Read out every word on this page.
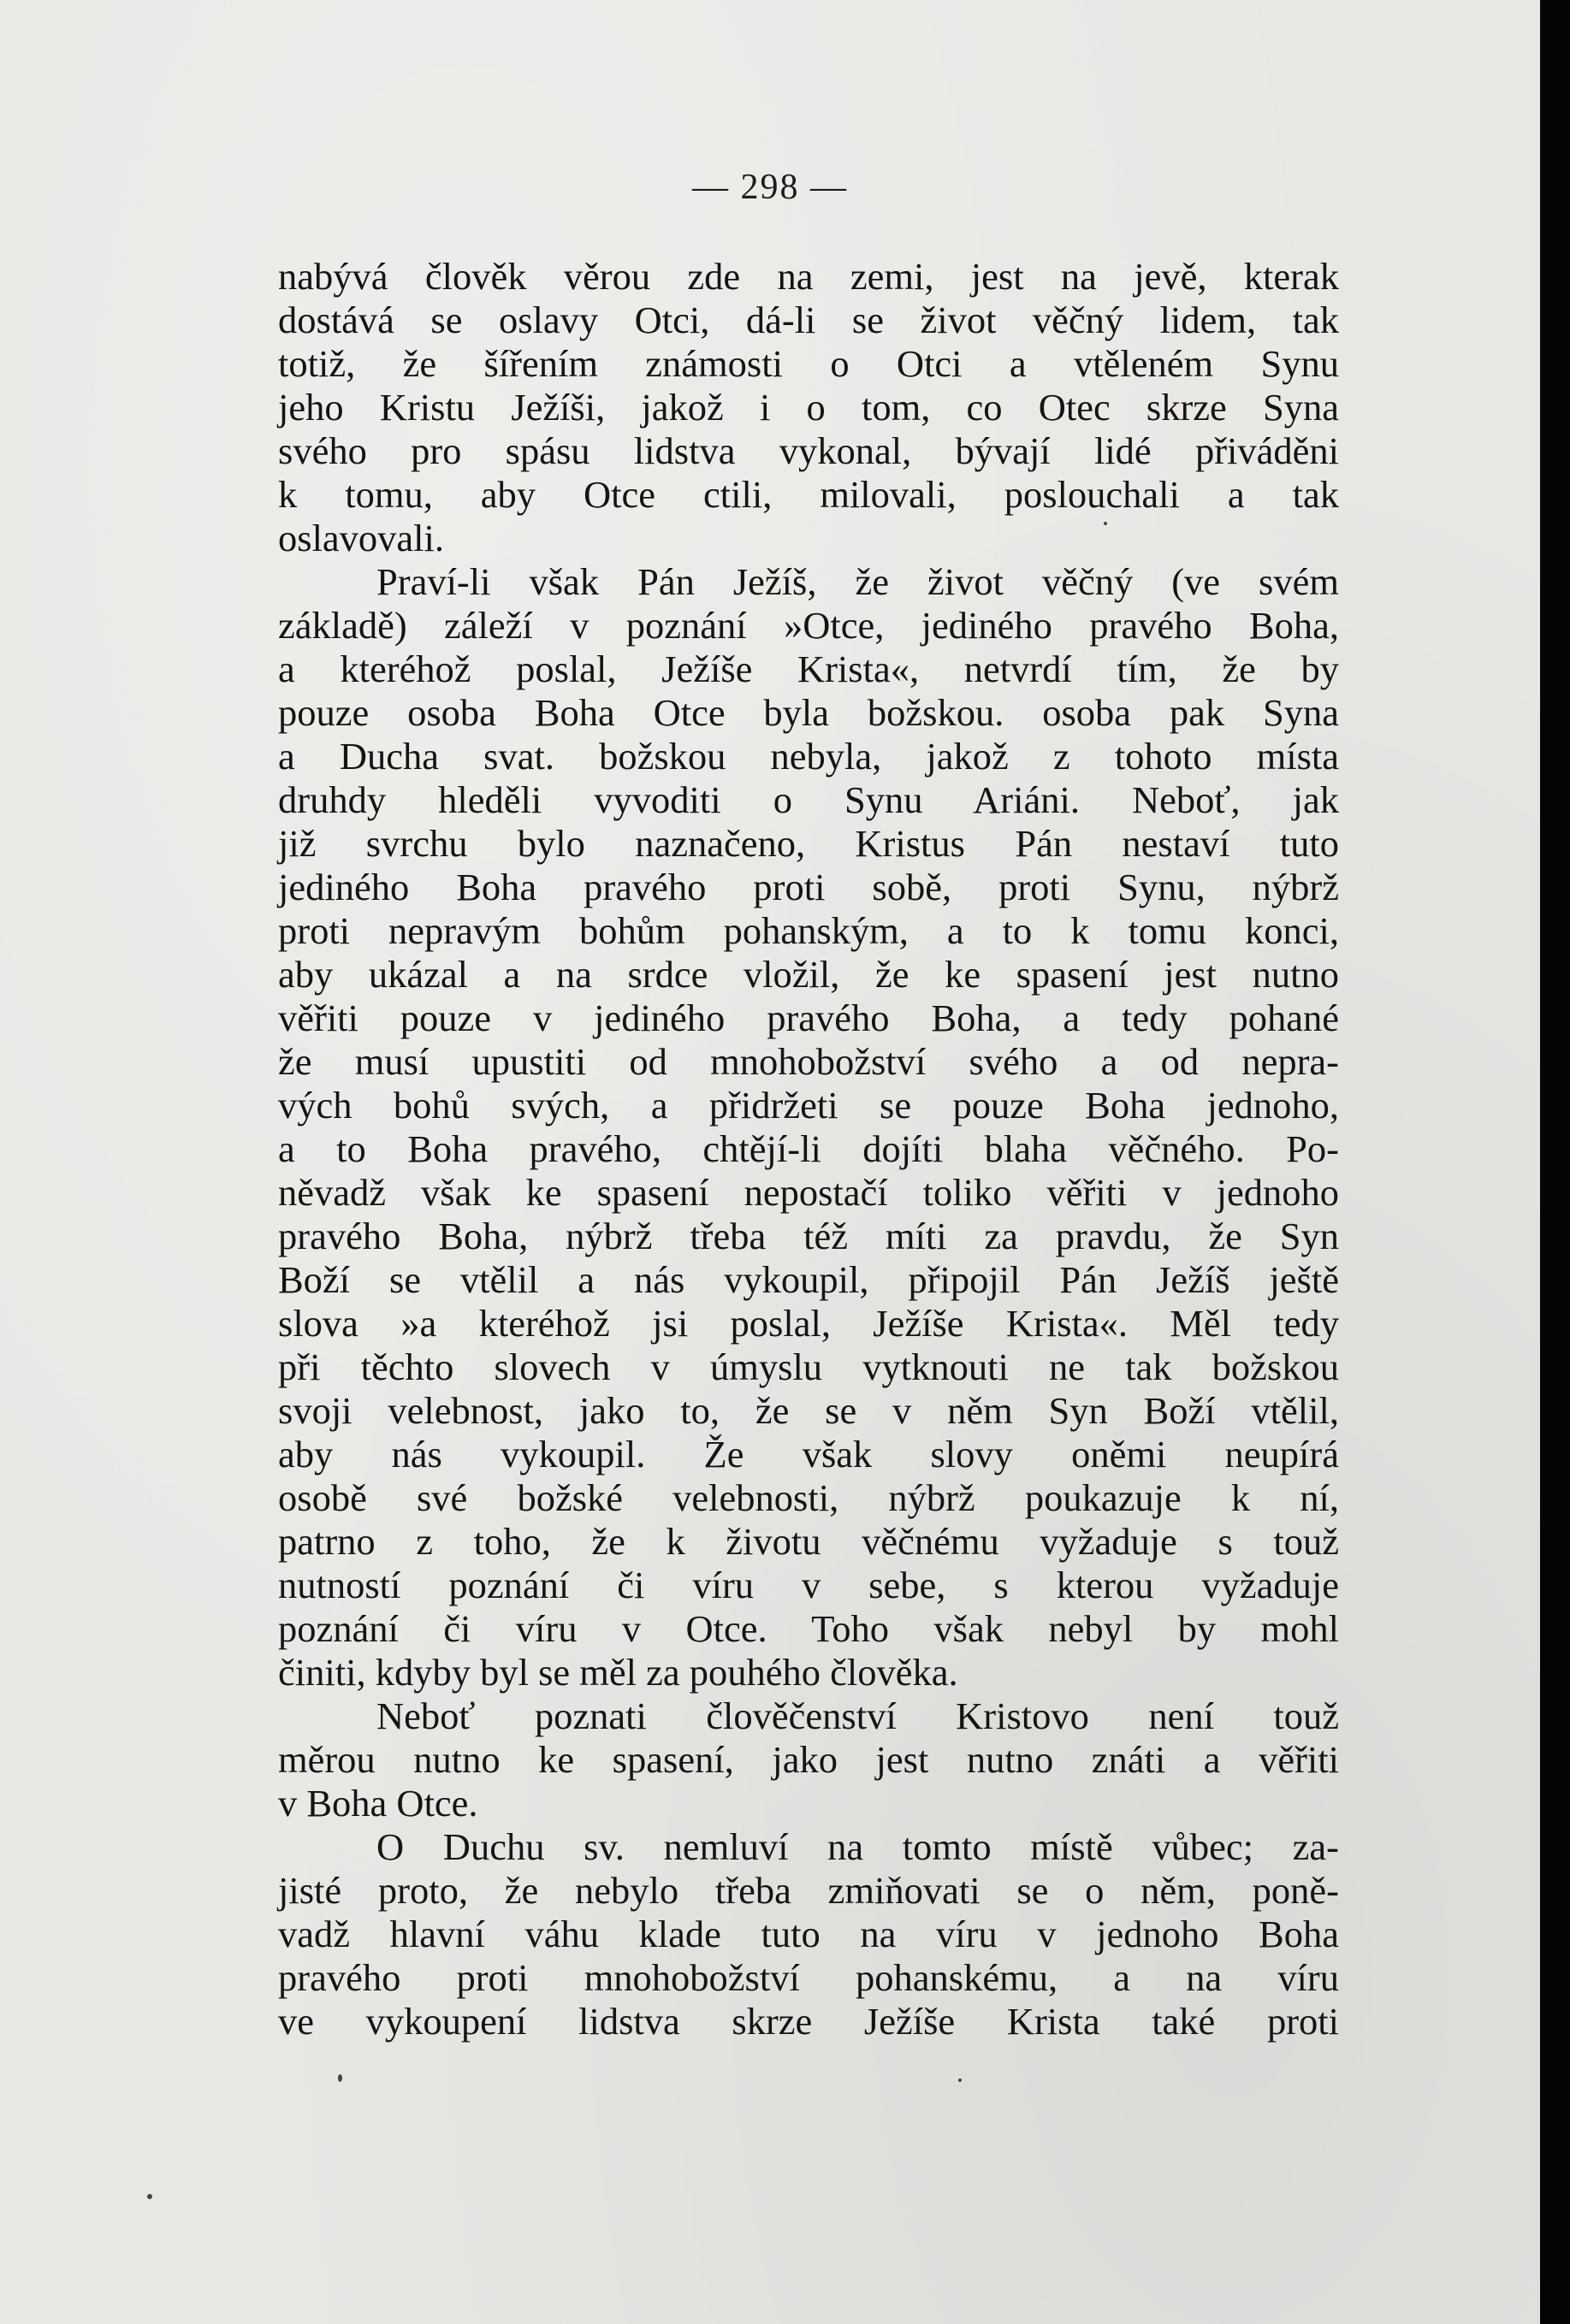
— 298 —
nabývá člověk věrou zde na zemi, jest na jevě, kterak
dostává se oslavy Otci, dá-li se život věčný lidem, tak
totiž, že šířením známosti o Otci a vtěleném Synu
jeho Kristu Ježíši, jakož i o tom, co Otec skrze Syna
svého pro spásu lidstva vykonal, bývají lidé přiváděni
k tomu, aby Otce ctili, milovali, poslouchali a tak
oslavovali.
Praví-li však Pán Ježíš, že život věčný (ve svém
základě) záleží v poznání »Otce, jediného pravého Boha,
a kteréhož poslal, Ježíše Krista«, netvrdí tím, že by
pouze osoba Boha Otce byla božskou. osoba pak Syna
a Ducha svat. božskou nebyla, jakož z tohoto místa
druhdy hleděli vyvoditi o Synu Ariáni. Neboť, jak
již svrchu bylo naznačeno, Kristus Pán nestaví tuto
jediného Boha pravého proti sobě, proti Synu, nýbrž
proti nepravým bohům pohanským, a to k tomu konci,
aby ukázal a na srdce vložil, že ke spasení jest nutno
věřiti pouze v jediného pravého Boha, a tedy pohané
že musí upustiti od mnohobožství svého a od nepra-
vých bohů svých, a přidržeti se pouze Boha jednoho,
a to Boha pravého, chtějí-li dojíti blaha věčného. Po-
něvadž však ke spasení nepostačí toliko věřiti v jednoho
pravého Boha, nýbrž třeba též míti za pravdu, že Syn
Boží se vtělil a nás vykoupil, připojil Pán Ježíš ještě
slova »a kteréhož jsi poslal, Ježíše Krista«. Měl tedy
při těchto slovech v úmyslu vytknouti ne tak božskou
svoji velebnost, jako to, že se v něm Syn Boží vtělil,
aby nás vykoupil. Že však slovy oněmi neupírá
osobě své božské velebnosti, nýbrž poukazuje k ní,
patrno z toho, že k životu věčnému vyžaduje s touž
nutností poznání či víru v sebe, s kterou vyžaduje
poznání či víru v Otce. Toho však nebyl by mohl
činiti, kdyby byl se měl za pouhého člověka.
Neboť poznati člověčenství Kristovo není touž
měrou nutno ke spasení, jako jest nutno znáti a věřiti
v Boha Otce.
O Duchu sv. nemluví na tomto místě vůbec; za-
jisté proto, že nebylo třeba zmiňovati se o něm, poně-
vadž hlavní váhu klade tuto na víru v jednoho Boha
pravého proti mnohobožství pohanskému, a na víru
ve vykoupení lidstva skrze Ježíše Krista také proti
